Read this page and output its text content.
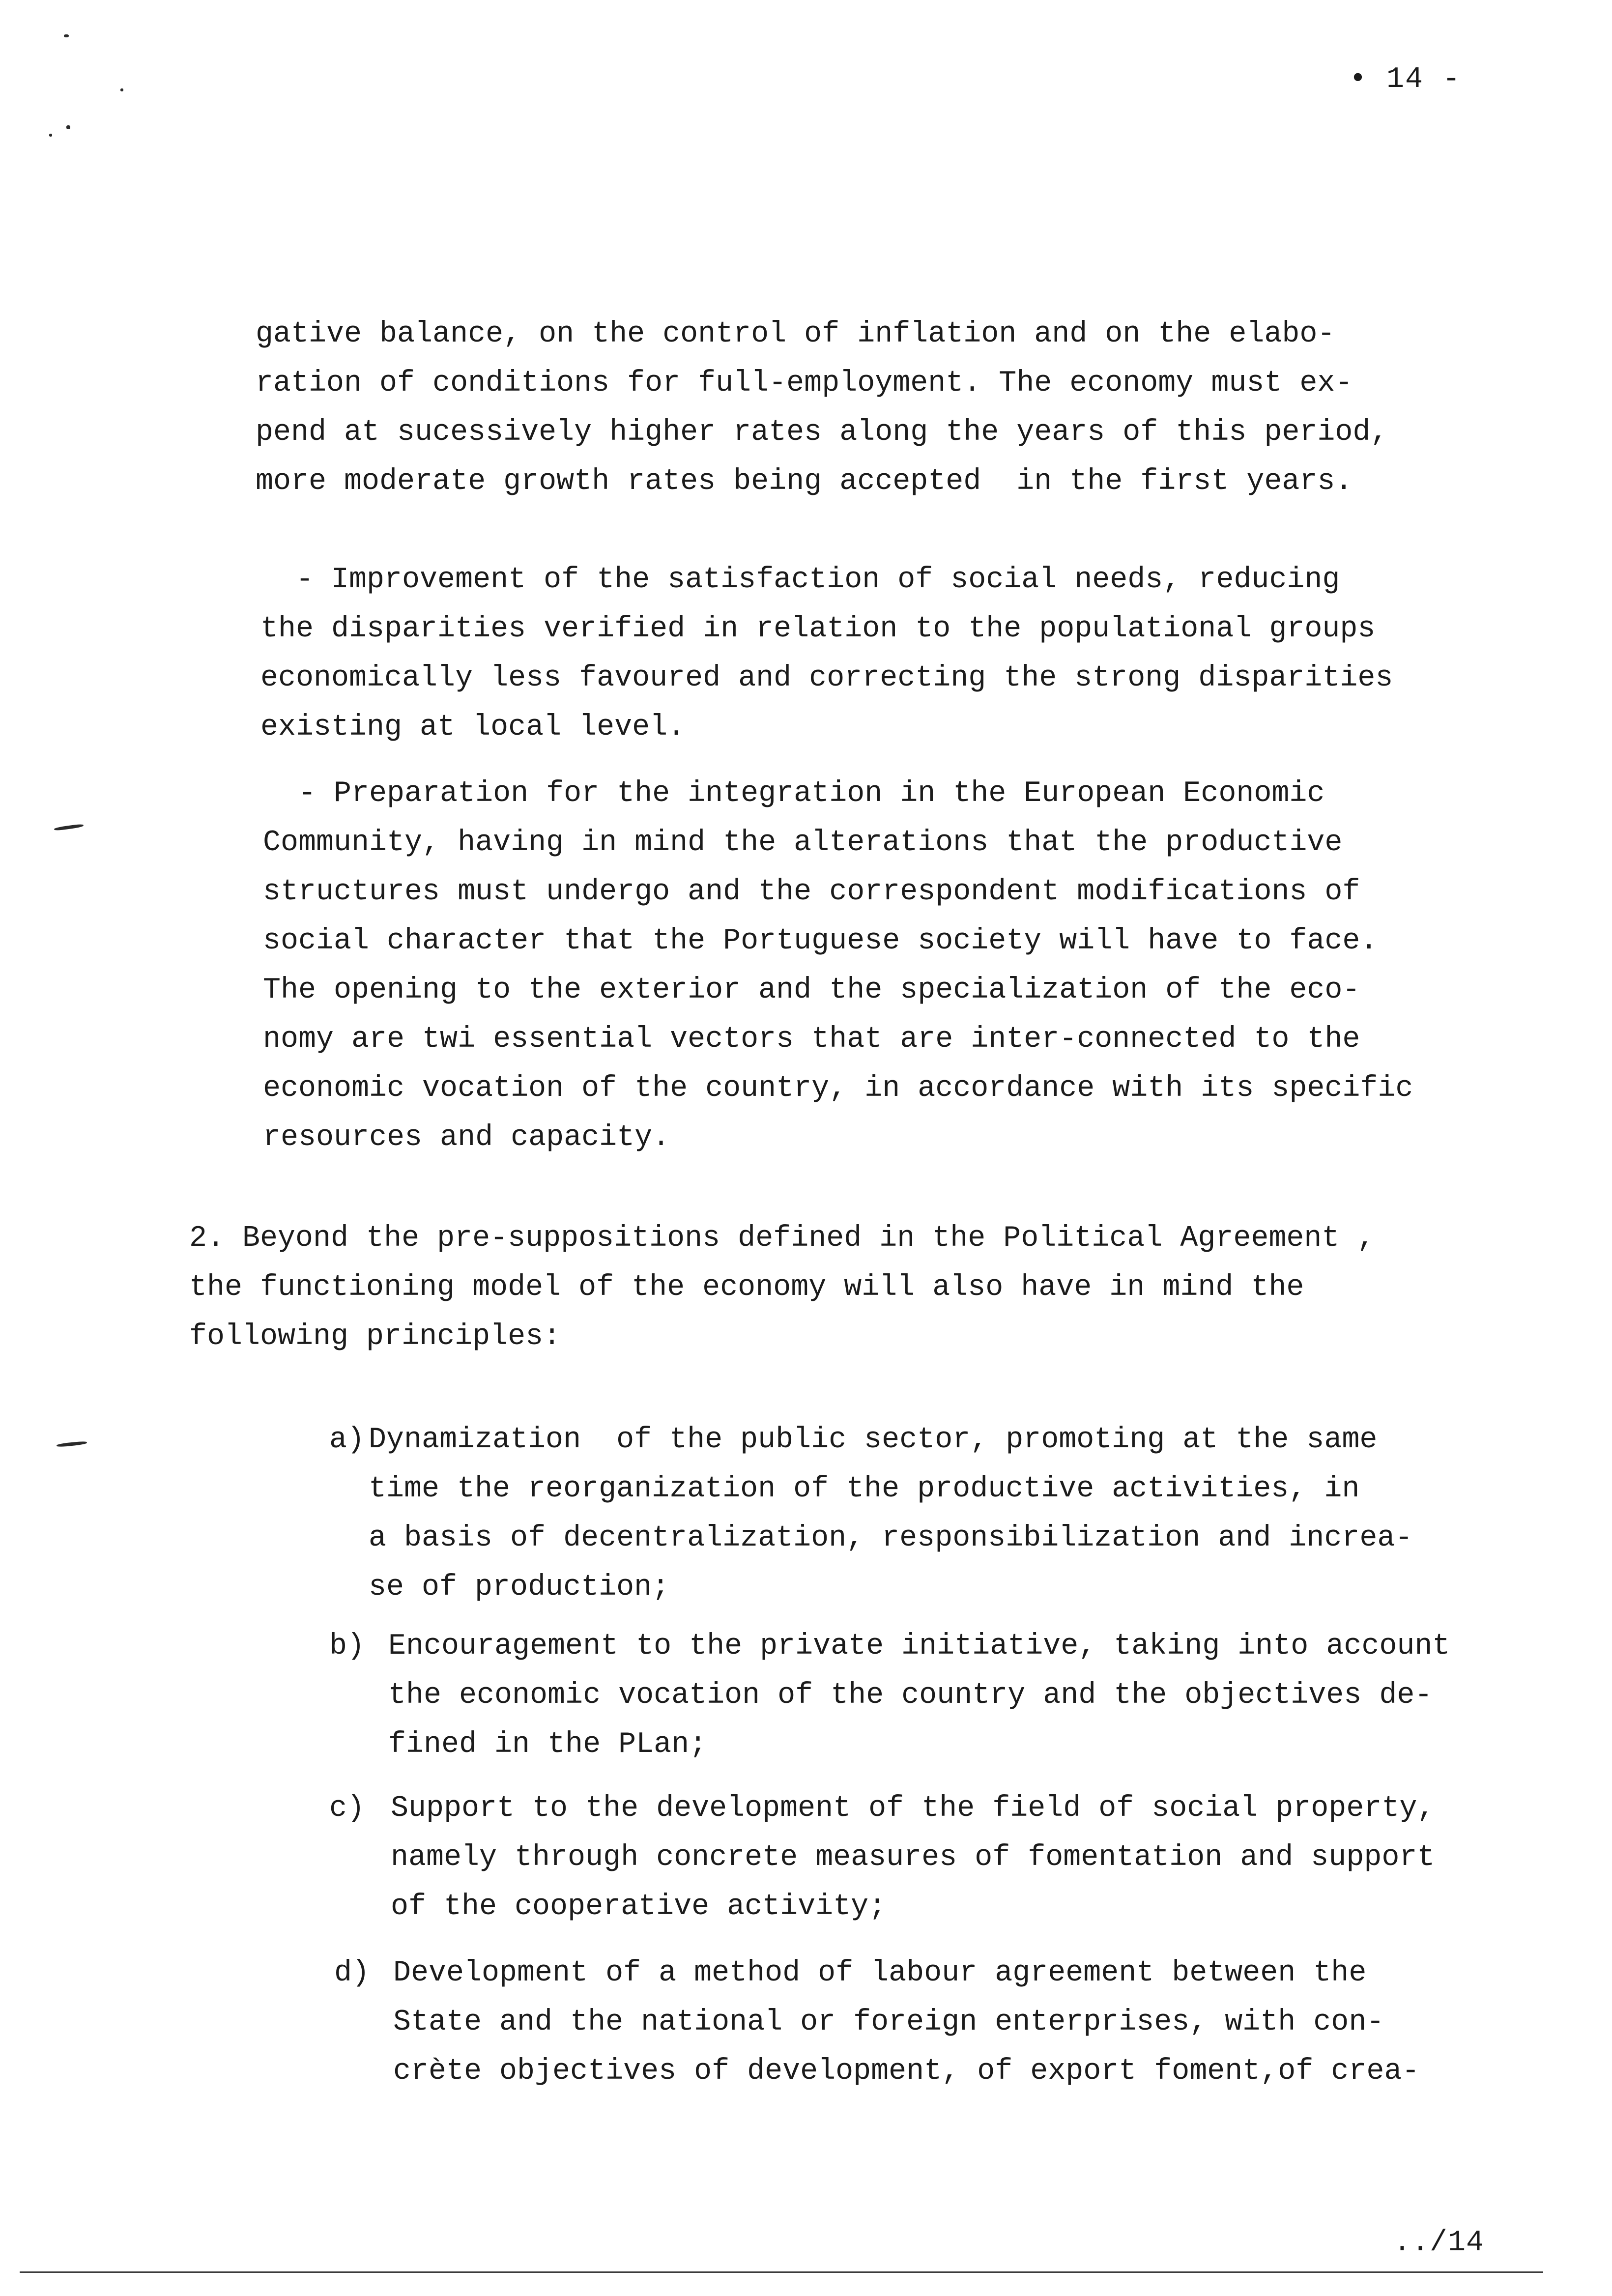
• 14 -
gative balance, on the control of inflation and on the elabo-
ration of conditions for full-employment. The economy must ex-
pend at sucessively higher rates along the years of this period,
more moderate growth rates being accepted  in the first years.
- Improvement of the satisfaction of social needs, reducing
the disparities verified in relation to the populational groups
economically less favoured and correcting the strong disparities
existing at local level.
- Preparation for the integration in the European Economic
Community, having in mind the alterations that the productive
structures must undergo and the correspondent modifications of
social character that the Portuguese society will have to face.
The opening to the exterior and the specialization of the eco-
nomy are twi essential vectors that are inter-connected to the
economic vocation of the country, in accordance with its specific
resources and capacity.
2. Beyond the pre-suppositions defined in the Political Agreement ,
the functioning model of the economy will also have in mind the
following principles:
a) Dynamization  of the public sector, promoting at the same
time the reorganization of the productive activities, in
a basis of decentralization, responsibilization and increa-
se of production;
b) Encouragement to the private initiative, taking into account
the economic vocation of the country and the objectives de-
fined in the PLan;
c) Support to the development of the field of social property,
namely through concrete measures of fomentation and support
of the cooperative activity;
d) Development of a method of labour agreement between the
State and the national or foreign enterprises, with con-
crète objectives of development, of export foment,of crea-
../14
